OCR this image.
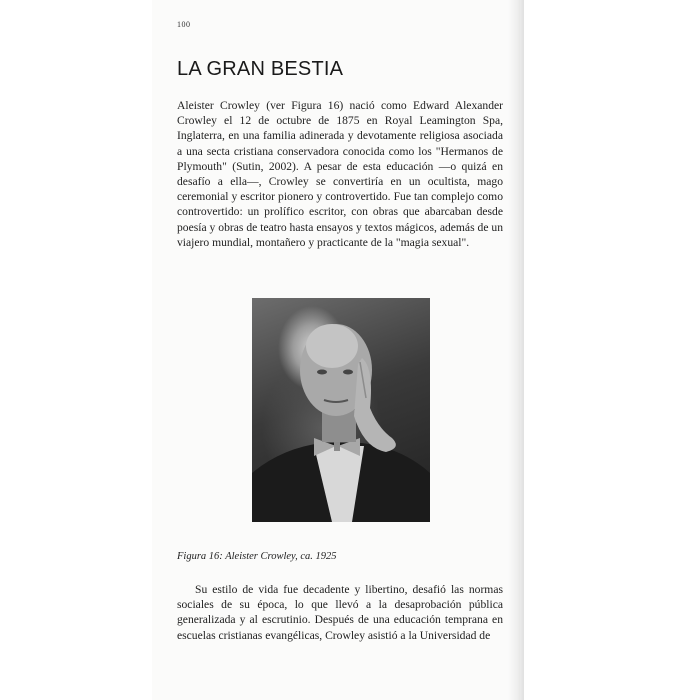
100
LA GRAN BESTIA

Aleister Crowley (ver Figura 16) nació como Edward Alexander Crowley el 12 de octubre de 1875 en Royal Leamington Spa, Inglaterra, en una familia adinerada y devotamente religiosa asociada a una secta cristiana conservadora conocida como los "Hermanos de Plymouth" (Sutin, 2002). A pesar de esta educación —o quizá en desafío a ella—, Crowley se convertiría en un ocultista, mago ceremonial y escritor pionero y controvertido. Fue tan complejo como controvertido: un prolífico escritor, con obras que abarcaban desde poesía y obras de teatro hasta ensayos y textos mágicos, además de un viajero mundial, montañero y practicante de la "magia sexual".

Figura 16: Aleister Crowley, ca. 1925

Su estilo de vida fue decadente y libertino, desafió las normas sociales de su época, lo que llevó a la desaprobación pública generalizada y al escrutinio. Después de una educación temprana en escuelas cristianas evangélicas, Crowley asistió a la Universidad de
